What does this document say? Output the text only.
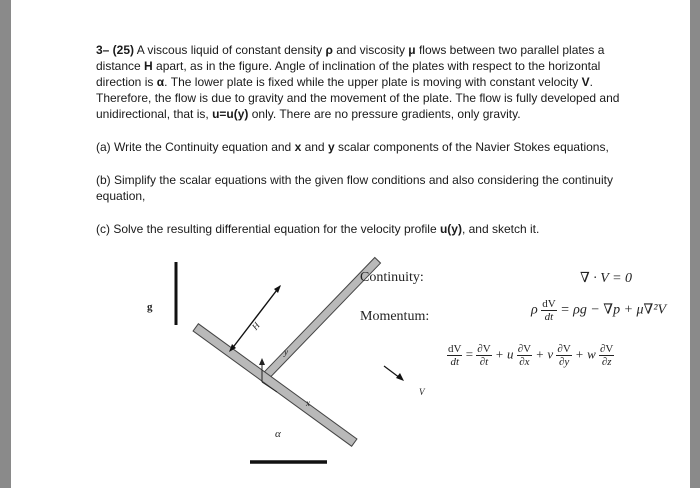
3– (25) A viscous liquid of constant density ρ and viscosity μ flows between two parallel plates a distance H apart, as in the figure. Angle of inclination of the plates with respect to the horizontal direction is α. The lower plate is fixed while the upper plate is moving with constant velocity V. Therefore, the flow is due to gravity and the movement of the plate. The flow is fully developed and unidirectional, that is, u=u(y) only. There are no pressure gradients, only gravity.

(a) Write the Continuity equation and x and y scalar components of the Navier Stokes equations,

(b) Simplify the scalar equations with the given flow conditions and also considering the continuity equation,

(c) Solve the resulting differential equation for the velocity profile u(y), and sketch it.

g
H
y
x
V
α
Continuity:	∇ · V = 0
Momentum:	ρ $\frac{dV}{dt} = \rho g - \nabla p + \mu\nabla^2V$
$\frac{dV}{dt} = \frac{\partial V}{\partial t} + u \frac{\partial V}{\partial x} + v \frac{\partial V}{\partial y} + w \frac{\partial V}{\partial z}$
